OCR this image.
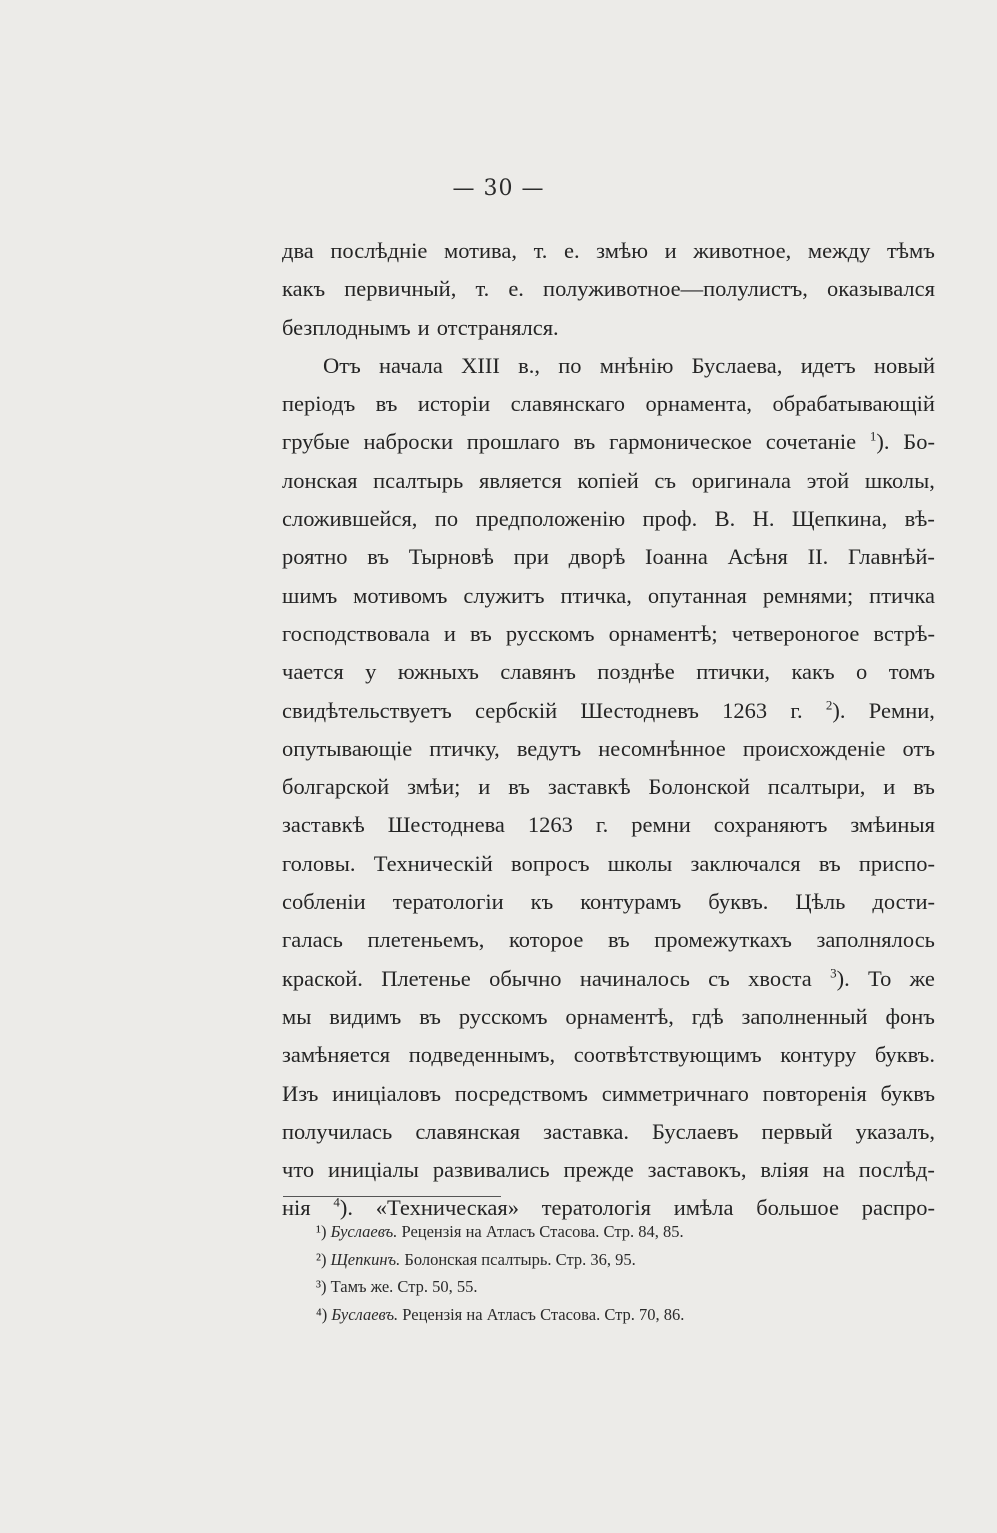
— 30 —
два послѣдніе мотива, т. е. змѣю и животное, между тѣмъ
какъ первичный, т. е. полуживотное—полулистъ, оказывался
безплоднымъ и отстранялся.
Отъ начала XIII в., по мнѣнію Буслаева, идетъ новый
періодъ въ исторіи славянскаго орнамента, обрабатывающій
грубые наброски прошлаго въ гармоническое сочетаніе $^1$). Бо-
лонская псалтырь является копіей съ оригинала этой школы,
сложившейся, по предположенію проф. В. Н. Щепкина, вѣ-
роятно въ Тырновѣ при дворѣ Іоанна Асѣня II. Главнѣй-
шимъ мотивомъ служитъ птичка, опутанная ремнями; птичка
господствовала и въ русскомъ орнаментѣ; четвероногое встрѣ-
чается у южныхъ славянъ позднѣе птички, какъ о томъ
свидѣтельствуетъ сербскій Шестодневъ 1263 г. $^2$). Ремни,
опутывающіе птичку, ведутъ несомнѣнное происхожденіе отъ
болгарской змѣи; и въ заставкѣ Болонской псалтыри, и въ
заставкѣ Шестоднева 1263 г. ремни сохраняютъ змѣиныя
головы. Техническій вопросъ школы заключался въ приспо-
собленіи тератологіи къ контурамъ буквъ. Цѣль дости-
галась плетеньемъ, которое въ промежуткахъ заполнялось
краской. Плетенье обычно начиналось съ хвоста $^3$). То же
мы видимъ въ русскомъ орнаментѣ, гдѣ заполненный фонъ
замѣняется подведеннымъ, соотвѣтствующимъ контуру буквъ.
Изъ иниціаловъ посредствомъ симметричнаго повторенія буквъ
получилась славянская заставка. Буслаевъ первый указалъ,
что иниціалы развивались прежде заставокъ, вліяя на послѣд-
нія $^4$). «Техническая» тератологія имѣла большое распро-
¹) Буслаевъ. Рецензія на Атласъ Стасова. Стр. 84, 85.
²) Щепкинъ. Болонская псалтырь. Стр. 36, 95.
³) Тамъ же. Стр. 50, 55.
⁴) Буслаевъ. Рецензія на Атласъ Стасова. Стр. 70, 86.
